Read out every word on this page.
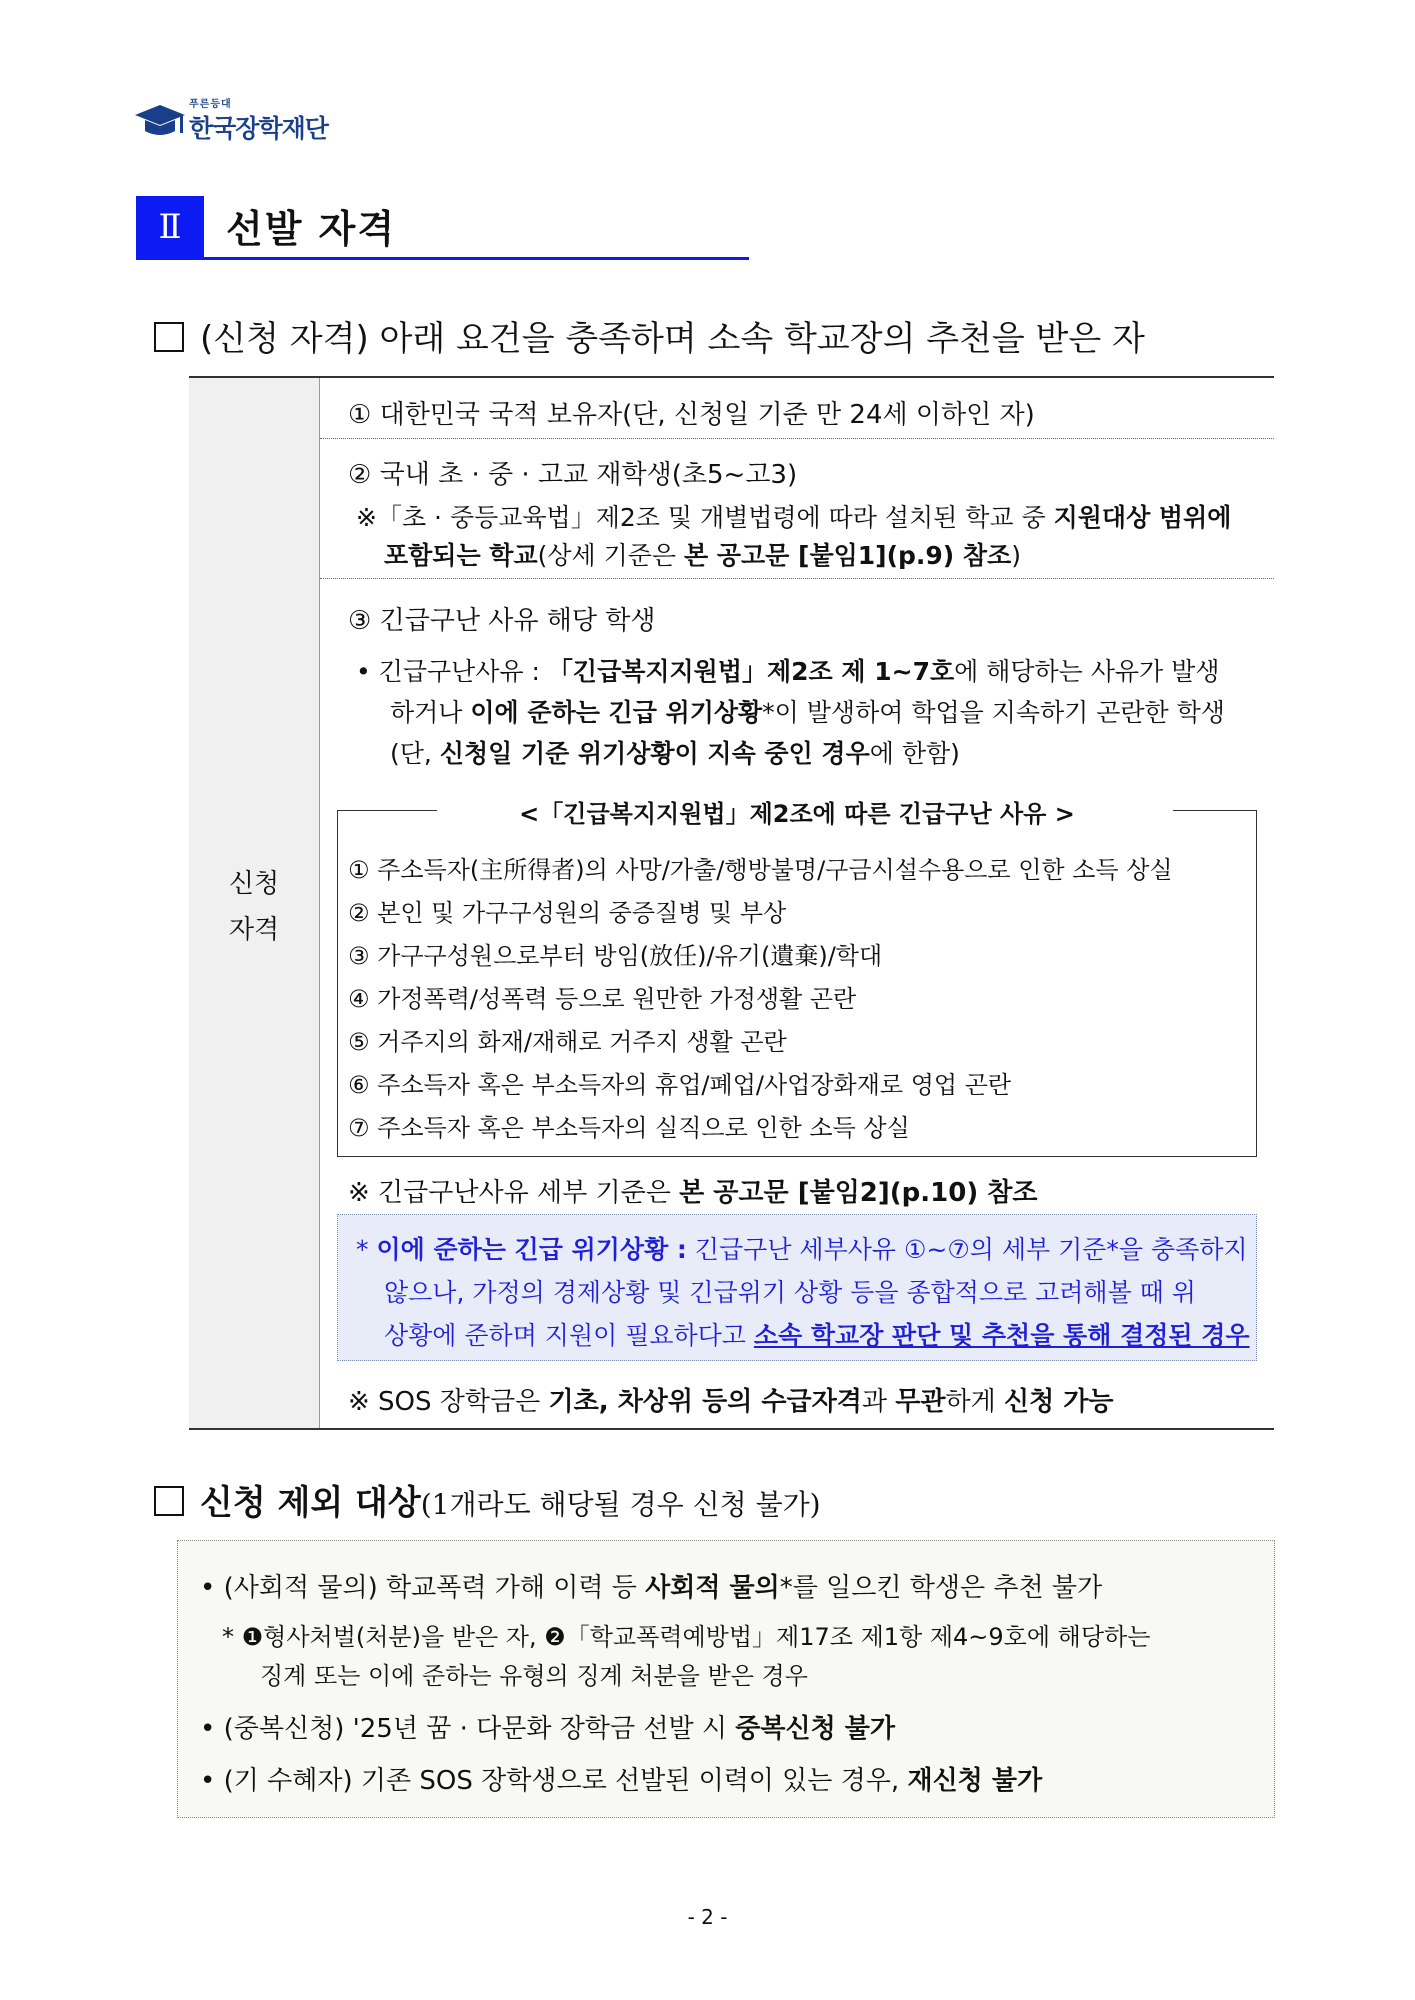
푸른등대
한국장학재단
Ⅱ	선발 자격
(신청 자격) 아래 요건을 충족하며 소속 학교장의 추천을 받은 자
신청
자격
① 대한민국 국적 보유자(단, 신청일 기준 만 24세 이하인 자)
② 국내 초 · 중 · 고교 재학생(초5~고3)
※「초 · 중등교육법」제2조 및 개별법령에 따라 설치된 학교 중 지원대상 범위에
포함되는 학교(상세 기준은 본 공고문 [붙임1](p.9) 참조)
③ 긴급구난 사유 해당 학생
• 긴급구난사유 : 「긴급복지지원법」제2조 제 1~7호에 해당하는 사유가 발생
하거나 이에 준하는 긴급 위기상황*이 발생하여 학업을 지속하기 곤란한 학생
(단, 신청일 기준 위기상황이 지속 중인 경우에 한함)
<「긴급복지지원법」제2조에 따른 긴급구난 사유 >
① 주소득자(主所得者)의 사망/가출/행방불명/구금시설수용으로 인한 소득 상실
② 본인 및 가구구성원의 중증질병 및 부상
③ 가구구성원으로부터 방임(放任)/유기(遺棄)/학대
④ 가정폭력/성폭력 등으로 원만한 가정생활 곤란
⑤ 거주지의 화재/재해로 거주지 생활 곤란
⑥ 주소득자 혹은 부소득자의 휴업/폐업/사업장화재로 영업 곤란
⑦ 주소득자 혹은 부소득자의 실직으로 인한 소득 상실
※ 긴급구난사유 세부 기준은 본 공고문 [붙임2](p.10) 참조
* 이에 준하는 긴급 위기상황 : 긴급구난 세부사유 ①~⑦의 세부 기준*을 충족하지
않으나, 가정의 경제상황 및 긴급위기 상황 등을 종합적으로 고려해볼 때 위
상황에 준하며 지원이 필요하다고 소속 학교장 판단 및 추천을 통해 결정된 경우
※ SOS 장학금은 기초, 차상위 등의 수급자격과 무관하게 신청 가능
신청 제외 대상(1개라도 해당될 경우 신청 불가)
• (사회적 물의) 학교폭력 가해 이력 등 사회적 물의*를 일으킨 학생은 추천 불가
* ❶형사처벌(처분)을 받은 자, ❷「학교폭력예방법」제17조 제1항 제4~9호에 해당하는
징계 또는 이에 준하는 유형의 징계 처분을 받은 경우
• (중복신청) '25년 꿈 · 다문화 장학금 선발 시 중복신청 불가
• (기 수혜자) 기존 SOS 장학생으로 선발된 이력이 있는 경우, 재신청 불가
- 2 -
